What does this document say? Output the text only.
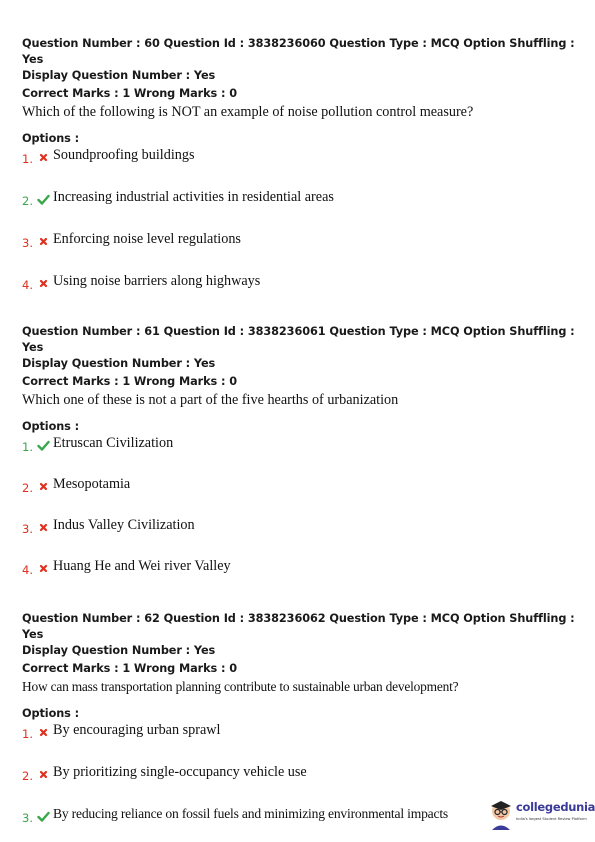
Question Number : 60 Question Id : 3838236060 Question Type : MCQ Option Shuffling : Yes
Display Question Number : Yes
Correct Marks : 1 Wrong Marks : 0
Which of the following is NOT an example of noise pollution control measure?
Options :
1. Soundproofing buildings
2. Increasing industrial activities in residential areas
3. Enforcing noise level regulations
4. Using noise barriers along highways
Question Number : 61 Question Id : 3838236061 Question Type : MCQ Option Shuffling : Yes
Display Question Number : Yes
Correct Marks : 1 Wrong Marks : 0
Which one of these is not a part of the five hearths of urbanization
Options :
1. Etruscan Civilization
2. Mesopotamia
3. Indus Valley Civilization
4. Huang He and Wei river Valley
Question Number : 62 Question Id : 3838236062 Question Type : MCQ Option Shuffling : Yes
Display Question Number : Yes
Correct Marks : 1 Wrong Marks : 0
How can mass transportation planning contribute to sustainable urban development?
Options :
1. By encouraging urban sprawl
2. By prioritizing single-occupancy vehicle use
3. By reducing reliance on fossil fuels and minimizing environmental impacts	collegedunia
India's largest Student Review Platform
